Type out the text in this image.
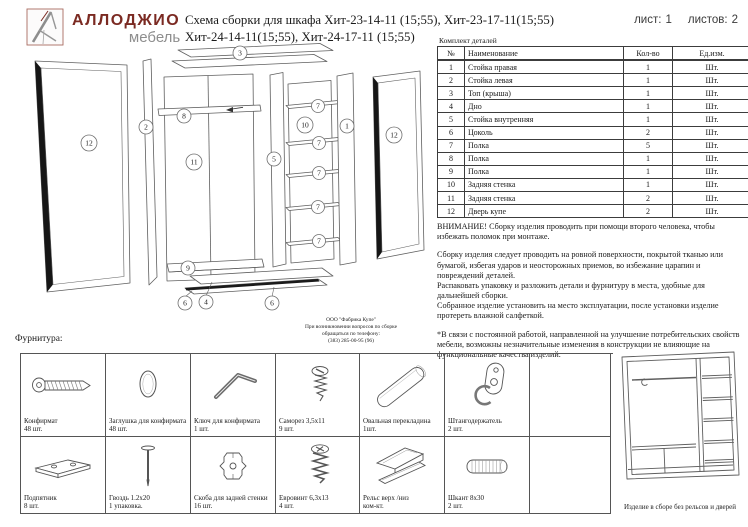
АЛЛОДЖИО
мебель
Схема сборки для шкафа Хит-23-14-11 (15;55), Хит-23-17-11(15;55)
Хит-24-14-11(15;55), Хит-24-17-11 (15;55)
лист: 1 листов: 2
Комплект деталей
№	Наименование	Кол-во	Ед.изм.
1	Стойка правая	1	Шт.
2	Стойка левая	1	Шт.
3	Топ (крыша)	1	Шт.
4	Дно	1	Шт.
5	Стойка внутренняя	1	Шт.
6	Цоколь	2	Шт.
7	Полка	5	Шт.
8	Полка	1	Шт.
9	Полка	1	Шт.
10	Задняя стенка	1	Шт.
11	Задняя стенка	2	Шт.
12	Дверь купе	2	Шт.

ВНИМАНИЕ! Сборку изделия проводить при помощи второго человека, чтобы избежать поломок при монтаже.

Сборку изделия следует проводить на ровной поверхности, покрытой тканью или бумагой, избегая ударов и неосторожных приемов, во избежание царапин и повреждений деталей.

Распаковать упаковку и разложить детали и фурнитуру в места, удобные для дальнейшей сборки.

Собранное изделие установить на место эксплуатации, после установки изделие протереть влажной салфеткой.

*В связи с постоянной работой, направленной на улучшение потребительских свойств мебели, возможны незначительные изменения в конструкции не влияющие на функциональные качества изделий.

ООО "Фабрика Купе"
При возникновении вопросов по сборке
обращаться по телефону:
(383) 285-00-95 (96)
3
12
2
8
11	5
10
7
7
7
7
7
1
12
9
6 4	6
Фурнитура:
Конфирмат
48 шт.
Заглушка для конфирмата
48 шт.
Ключ для конфирмата
1 шт.
Саморез 3,5х11
9 шт.
Овальная перекладина
1шт.
Штангодержатель
2 шт.
Подпятник
8 шт.
Гвоздь 1.2х20
1 упаковка.
Скоба для задней стенки
16 шт.
Евровинт 6,3х13
4 шт.
Рельс верх /низ
ком-кт.
Шкант 8х30
2 шт.	Изделие в сборе без рельсов и дверей
